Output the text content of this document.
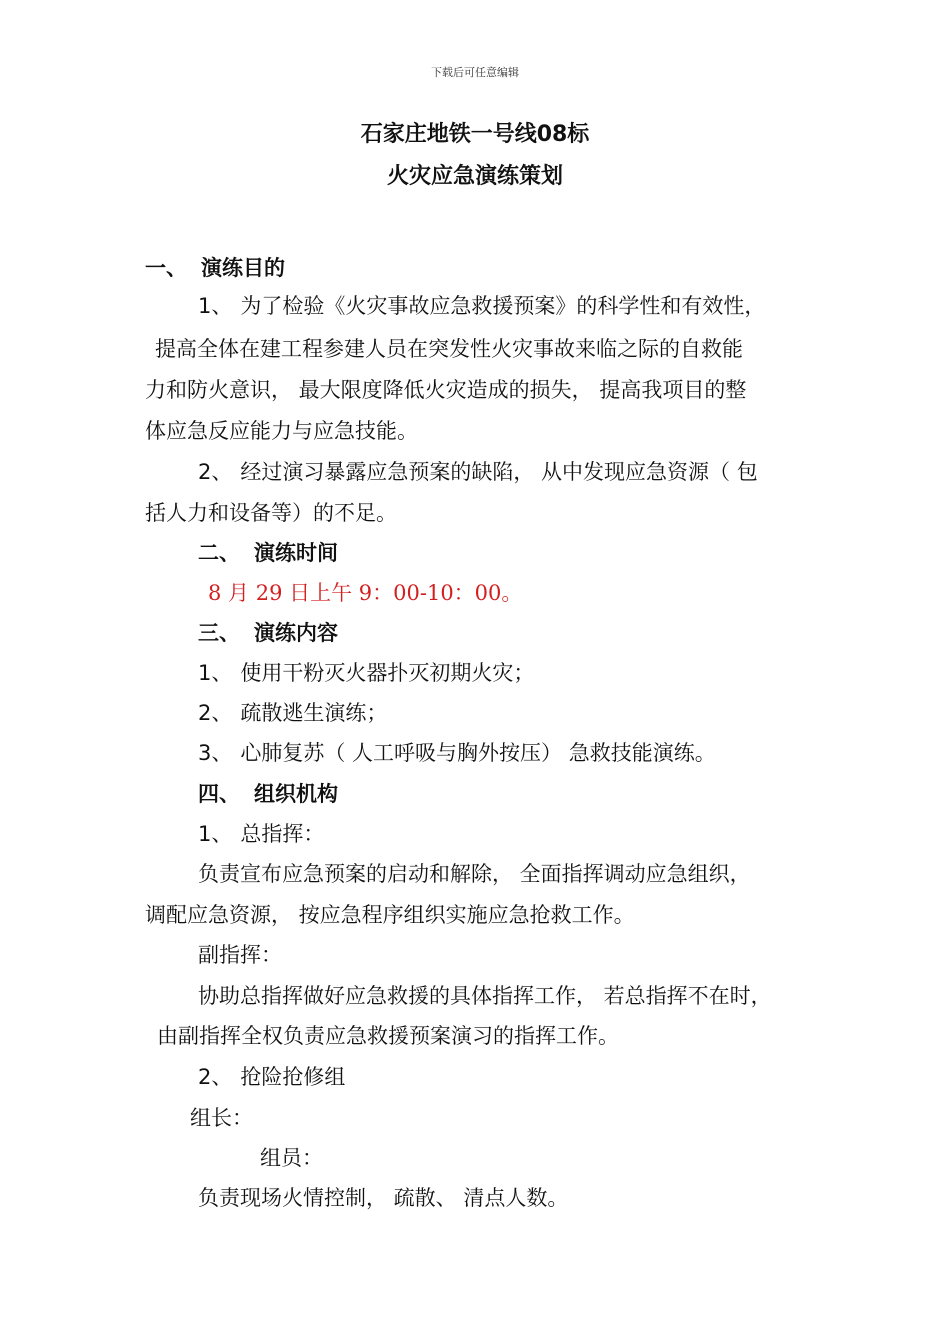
下载后可任意编辑
石家庄地铁一号线08标
火灾应急演练策划
一、 演练目的
1、 为了检验《火灾事故应急救援预案》的科学性和有效性，
提高全体在建工程参建人员在突发性火灾事故来临之际的自救能
力和防火意识， 最大限度降低火灾造成的损失， 提高我项目的整
体应急反应能力与应急技能。
2、 经过演习暴露应急预案的缺陷， 从中发现应急资源（ 包
括人力和设备等）的不足。
二、 演练时间
8 月 29 日上午 9：00-10：00。
三、 演练内容
1、 使用干粉灭火器扑灭初期火灾；
2、 疏散逃生演练；
3、 心肺复苏（ 人工呼吸与胸外按压） 急救技能演练。
四、 组织机构
1、 总指挥：
负责宣布应急预案的启动和解除， 全面指挥调动应急组织，
调配应急资源， 按应急程序组织实施应急抢救工作。
副指挥：
协助总指挥做好应急救援的具体指挥工作， 若总指挥不在时，
由副指挥全权负责应急救援预案演习的指挥工作。
2、 抢险抢修组
组长：
组员：
负责现场火情控制， 疏散、 清点人数。
